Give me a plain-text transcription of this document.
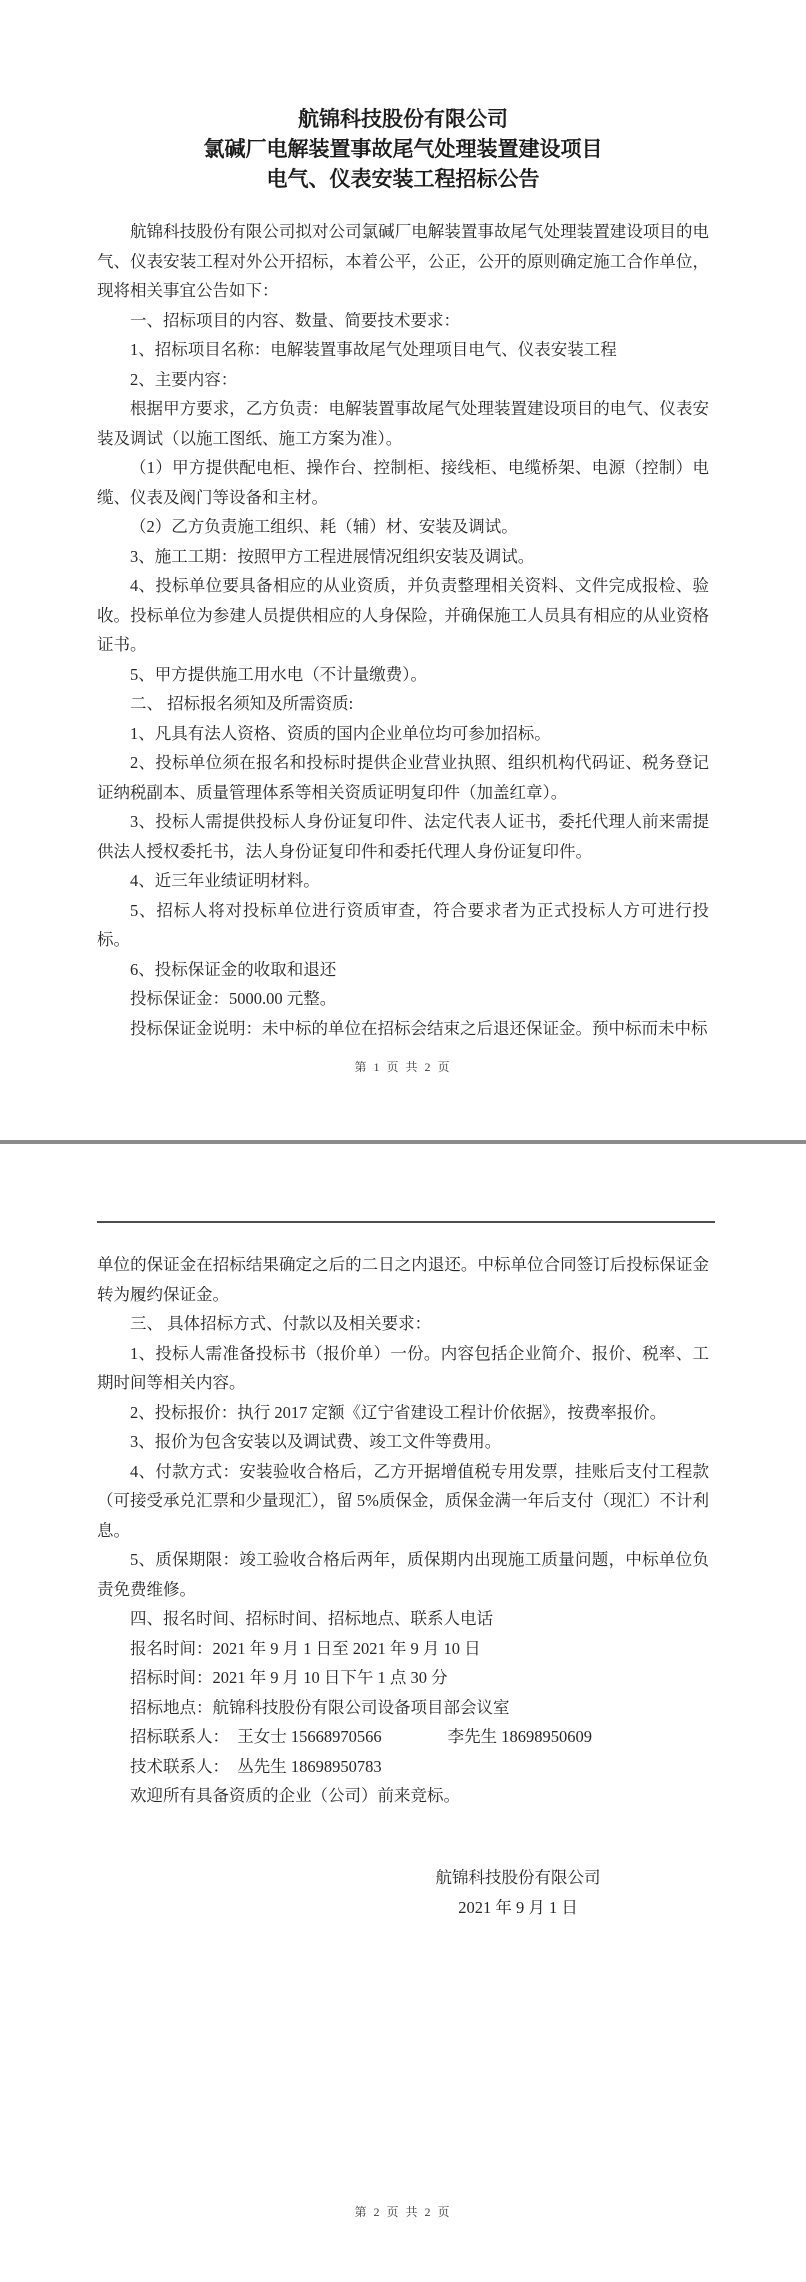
航锦科技股份有限公司
氯碱厂电解装置事故尾气处理装置建设项目
电气、仪表安装工程招标公告

航锦科技股份有限公司拟对公司氯碱厂电解装置事故尾气处理装置建设项目的电气、仪表安装工程对外公开招标，本着公平，公正，公开的原则确定施工合作单位，现将相关事宜公告如下：

一、招标项目的内容、数量、简要技术要求：

1、招标项目名称：电解装置事故尾气处理项目电气、仪表安装工程

2、主要内容：

根据甲方要求，乙方负责：电解装置事故尾气处理装置建设项目的电气、仪表安装及调试（以施工图纸、施工方案为准）。

（1）甲方提供配电柜、操作台、控制柜、接线柜、电缆桥架、电源（控制）电缆、仪表及阀门等设备和主材。

（2）乙方负责施工组织、耗（辅）材、安装及调试。

3、施工工期：按照甲方工程进展情况组织安装及调试。

4、投标单位要具备相应的从业资质，并负责整理相关资料、文件完成报检、验收。投标单位为参建人员提供相应的人身保险，并确保施工人员具有相应的从业资格证书。

5、甲方提供施工用水电（不计量缴费）。

二、 招标报名须知及所需资质:

1、凡具有法人资格、资质的国内企业单位均可参加招标。

2、投标单位须在报名和投标时提供企业营业执照、组织机构代码证、税务登记证纳税副本、质量管理体系等相关资质证明复印件（加盖红章）。

3、投标人需提供投标人身份证复印件、法定代表人证书，委托代理人前来需提供法人授权委托书，法人身份证复印件和委托代理人身份证复印件。

4、近三年业绩证明材料。

5、招标人将对投标单位进行资质审查，符合要求者为正式投标人方可进行投标。

6、投标保证金的收取和退还

投标保证金：5000.00 元整。

投标保证金说明：未中标的单位在招标会结束之后退还保证金。预中标而未中标

第 1 页 共 2 页

单位的保证金在招标结果确定之后的二日之内退还。中标单位合同签订后投标保证金转为履约保证金。

三、 具体招标方式、付款以及相关要求：

1、投标人需准备投标书（报价单）一份。内容包括企业简介、报价、税率、工期时间等相关内容。

2、投标报价：执行 2017 定额《辽宁省建设工程计价依据》，按费率报价。

3、报价为包含安装以及调试费、竣工文件等费用。

4、付款方式：安装验收合格后，乙方开据增值税专用发票，挂账后支付工程款（可接受承兑汇票和少量现汇），留 5%质保金，质保金满一年后支付（现汇）不计利息。

5、质保期限：竣工验收合格后两年，质保期内出现施工质量问题，中标单位负责免费维修。

四、报名时间、招标时间、招标地点、联系人电话

报名时间：2021 年 9 月 1 日至 2021 年 9 月 10 日

招标时间：2021 年 9 月 10 日下午 1 点 30 分

招标地点：航锦科技股份有限公司设备项目部会议室

招标联系人：　王女士 15668970566　　　　李先生 18698950609

技术联系人：　丛先生 18698950783

欢迎所有具备资质的企业（公司）前来竞标。

航锦科技股份有限公司
2021 年 9 月 1 日
第 2 页 共 2 页
